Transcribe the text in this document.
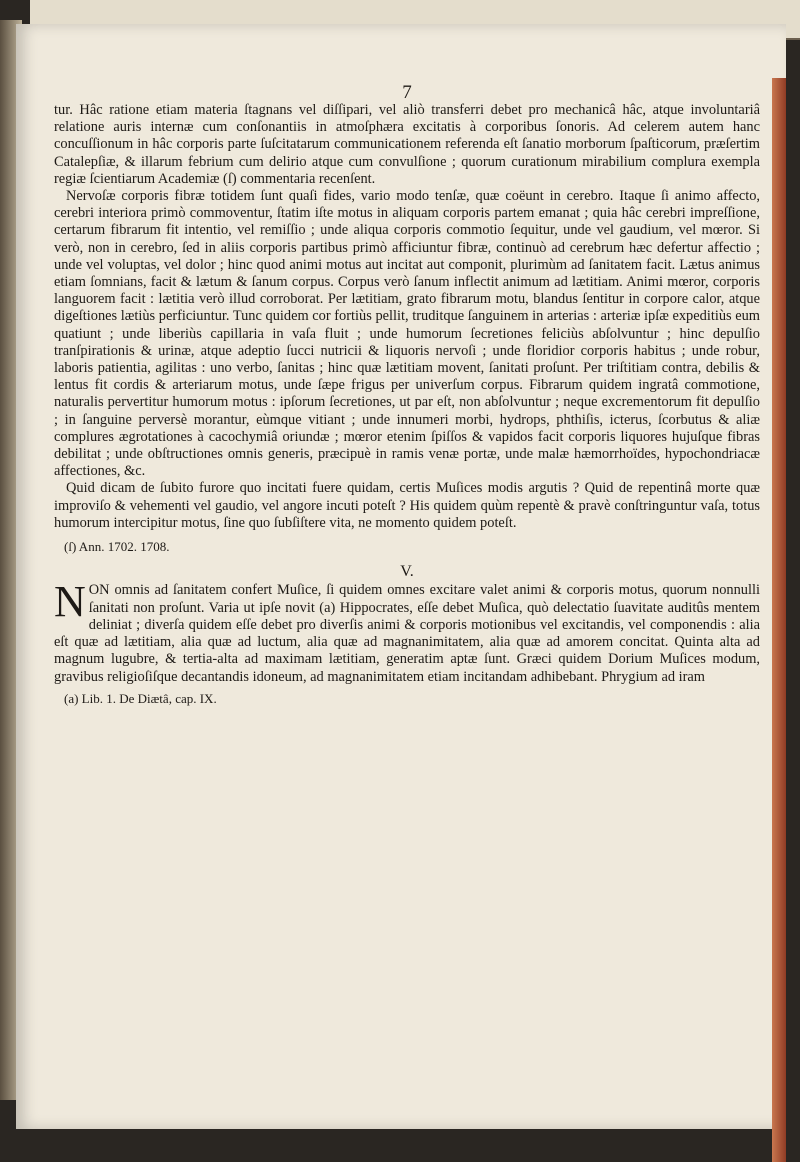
7

tur. Hâc ratione etiam materia ſtagnans vel diſſipari, vel aliò transferri debet pro mechanicâ hâc, atque involuntariâ relatione auris internæ cum conſonantiis in atmoſphæra excitatis à corporibus ſonoris. Ad celerem autem hanc concuſſionum in hâc corporis parte ſuſcitatarum communicationem referenda eſt ſanatio morborum ſpaſticorum, præſertim Catalepſiæ, & illarum febrium cum delirio atque cum convulſione ; quorum curationum mirabilium complura exempla regiæ ſcientiarum Academiæ (ſ) commentaria recenſent.

Nervoſæ corporis fibræ totidem ſunt quaſi fides, vario modo tenſæ, quæ coëunt in cerebro. Itaque ſi animo affecto, cerebri interiora primò commoventur, ſtatim iſte motus in aliquam corporis partem emanat ; quia hâc cerebri impreſſione, certarum fibrarum fit intentio, vel remiſſio ; unde aliqua corporis commotio ſequitur, unde vel gaudium, vel mœror. Si verò, non in cerebro, ſed in aliis corporis partibus primò afficiuntur fibræ, continuò ad cerebrum hæc defertur affectio ; unde vel voluptas, vel dolor ; hinc quod animi motus aut incitat aut componit, plurimùm ad ſanitatem facit. Lætus animus etiam ſomnians, facit & lætum & ſanum corpus. Corpus verò ſanum inflectit animum ad lætitiam. Animi mœror, corporis languorem facit : lætitia verò illud corroborat. Per lætitiam, grato fibrarum motu, blandus ſentitur in corpore calor, atque digeſtiones lætiùs perficiuntur. Tunc quidem cor fortiùs pellit, truditque ſanguinem in arterias : arteriæ ipſæ expeditiùs eum quatiunt ; unde liberiùs capillaria in vaſa fluit ; unde humorum ſecretiones feliciùs abſolvuntur ; hinc depulſio tranſpirationis & urinæ, atque adeptio ſucci nutricii & liquoris nervoſi ; unde floridior corporis habitus ; unde robur, laboris patientia, agilitas : uno verbo, ſanitas ; hinc quæ lætitiam movent, ſanitati proſunt. Per triſtitiam contra, debilis & lentus fit cordis & arteriarum motus, unde ſæpe frigus per univerſum corpus. Fibrarum quidem ingratâ commotione, naturalis pervertitur humorum motus : ipſorum ſecretiones, ut par eſt, non abſolvuntur ; neque excrementorum fit depulſio ; in ſanguine perversè morantur, eùmque vitiant ; unde innumeri morbi, hydrops, phthiſis, icterus, ſcorbutus & aliæ complures ægrotationes à cacochymiâ oriundæ ; mœror etenim ſpiſſos & vapidos facit corporis liquores hujuſque fibras debilitat ; unde obſtructiones omnis generis, præcipuè in ramis venæ portæ, unde malæ hæmorrhoïdes, hypochondriacæ affectiones, &c.

Quid dicam de ſubito furore quo incitati fuere quidam, certis Muſices modis argutis ? Quid de repentinâ morte quæ improviſo & vehementi vel gaudio, vel angore incuti poteſt ? His quidem quùm repentè & pravè conſtringuntur vaſa, totus humorum intercipitur motus, ſine quo ſubſiſtere vita, ne momento quidem poteſt.

(ſ) Ann. 1702. 1708.

V.

NON omnis ad ſanitatem confert Muſice, ſi quidem omnes excitare valet animi & corporis motus, quorum nonnulli ſanitati non proſunt. Varia ut ipſe novit (a) Hippocrates, eſſe debet Muſica, quò delectatio ſuavitate auditûs mentem deliniat ; diverſa quidem eſſe debet pro diverſis animi & corporis motionibus vel excitandis, vel componendis : alia eſt quæ ad lætitiam, alia quæ ad luctum, alia quæ ad magnanimitatem, alia quæ ad amorem concitat. Quinta alta ad magnum lugubre, & tertia-alta ad maximam lætitiam, generatim aptæ ſunt. Græci quidem Dorium Muſices modum, gravibus religioſiſque decantandis idoneum, ad magnanimitatem etiam incitandam adhibebant. Phrygium ad iram

(a) Lib. 1. De Diætâ, cap. IX.
